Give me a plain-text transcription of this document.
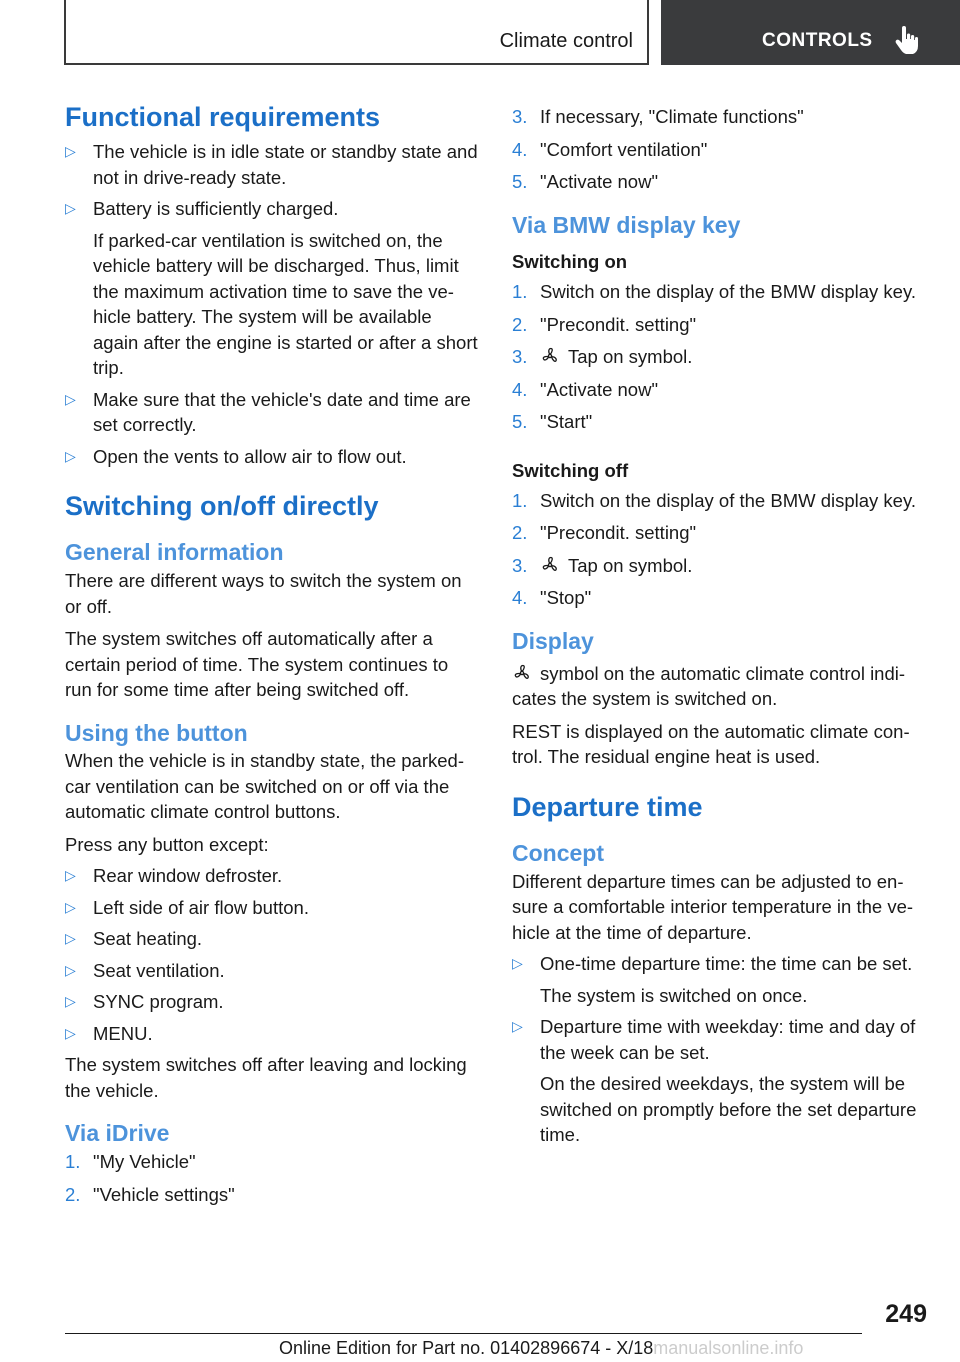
Climate control	CONTROLS
Functional requirements
▷ The vehicle is in idle state or standby state and not in drive-ready state.
▷ Battery is sufficiently charged.
If parked-car ventilation is switched on, the vehicle battery will be discharged. Thus, limit the maximum activation time to save the vehicle battery. The system will be available again after the engine is started or after a short trip.
▷ Make sure that the vehicle's date and time are set correctly.
▷ Open the vents to allow air to flow out.
Switching on/off directly
General information
There are different ways to switch the system on or off.
The system switches off automatically after a certain period of time. The system continues to run for some time after being switched off.
Using the button
When the vehicle is in standby state, the parked-car ventilation can be switched on or off via the automatic climate control buttons.
Press any button except:
▷ Rear window defroster.
▷ Left side of air flow button.
▷ Seat heating.
▷ Seat ventilation.
▷ SYNC program.
▷ MENU.
The system switches off after leaving and locking the vehicle.
Via iDrive
1. "My Vehicle"
2. "Vehicle settings"
3. If necessary, "Climate functions"
4. "Comfort ventilation"
5. "Activate now"
Via BMW display key
Switching on
1. Switch on the display of the BMW display key.
2. "Precondit. setting"
3.	Tap on symbol.
4. "Activate now"
5. "Start"
Switching off
1. Switch on the display of the BMW display key.
2. "Precondit. setting"
3.	Tap on symbol.
4. "Stop"
Display
symbol on the automatic climate control indicates the system is switched on.
REST is displayed on the automatic climate control. The residual engine heat is used.
Departure time
Concept
Different departure times can be adjusted to ensure a comfortable interior temperature in the vehicle at the time of departure.
▷ One-time departure time: the time can be set.
The system is switched on once.
▷ Departure time with weekday: time and day of the week can be set.
On the desired weekdays, the system will be switched on promptly before the set departure time.
249
Online Edition for Part no. 01402896674 - X/18manualsonline.info
